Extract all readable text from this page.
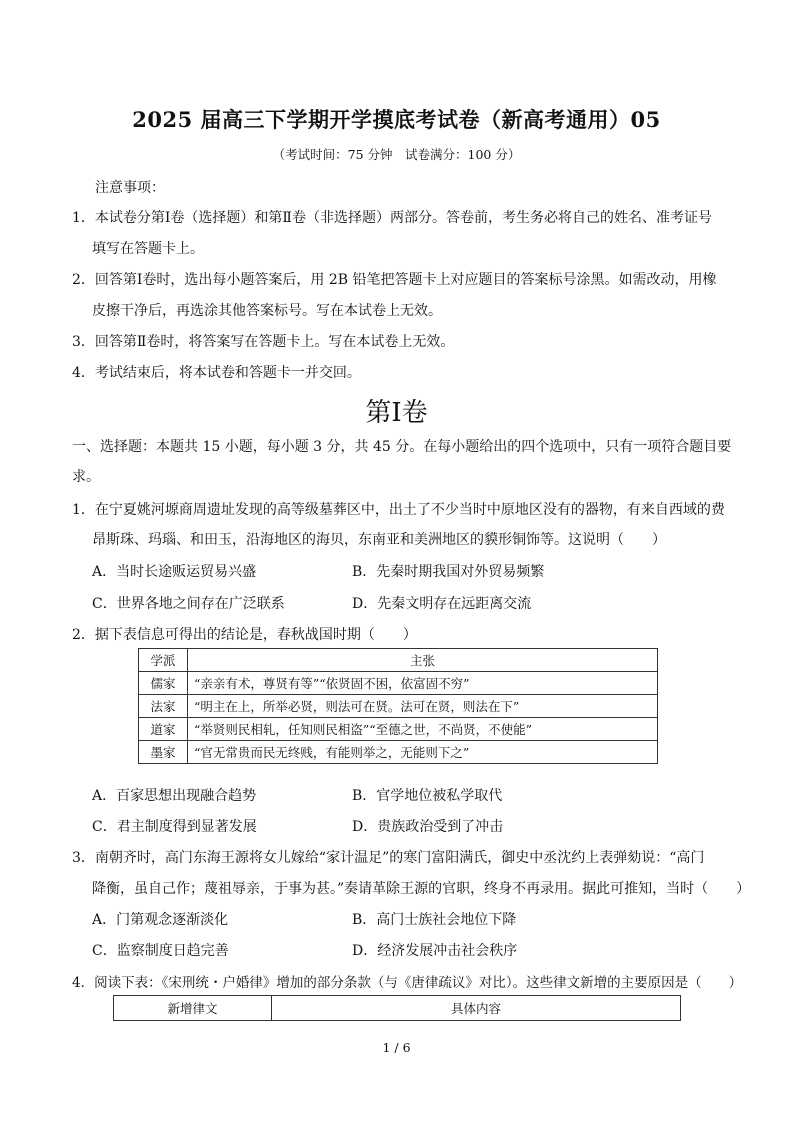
2025 届高三下学期开学摸底考试卷（新高考通用）05
（考试时间：75 分钟　试卷满分：100 分）
注意事项：
1．本试卷分第Ⅰ卷（选择题）和第Ⅱ卷（非选择题）两部分。答卷前，考生务必将自己的姓名、准考证号
填写在答题卡上。
2．回答第Ⅰ卷时，选出每小题答案后，用 2B 铅笔把答题卡上对应题目的答案标号涂黑。如需改动，用橡
皮擦干净后，再选涂其他答案标号。写在本试卷上无效。
3．回答第Ⅱ卷时，将答案写在答题卡上。写在本试卷上无效。
4．考试结束后，将本试卷和答题卡一并交回。
第Ⅰ卷
一、选择题：本题共 15 小题，每小题 3 分，共 45 分。在每小题给出的四个选项中，只有一项符合题目要
求。
1．在宁夏姚河塬商周遗址发现的高等级墓葬区中，出土了不少当时中原地区没有的器物，有来自西域的费
昂斯珠、玛瑙、和田玉，沿海地区的海贝，东南亚和美洲地区的貘形铜饰等。这说明（　　）
A．当时长途贩运贸易兴盛	B．先秦时期我国对外贸易频繁
C．世界各地之间存在广泛联系	D．先秦文明存在远距离交流
2．据下表信息可得出的结论是，春秋战国时期（　　）
学派	主张
儒家	“亲亲有术，尊贤有等”“依贤固不困，依富固不穷”
法家	“明主在上，所举必贤，则法可在贤。法可在贤，则法在下”
道家	“举贤则民相轧，任知则民相盗”“至德之世，不尚贤，不使能”
墨家	“官无常贵而民无终贱，有能则举之，无能则下之”
A．百家思想出现融合趋势	B．官学地位被私学取代
C．君主制度得到显著发展	D．贵族政治受到了冲击
3．南朝齐时，高门东海王源将女儿嫁给“家计温足”的寒门富阳满氏，御史中丞沈约上表弹劾说：“高门
降衡，虽自己作；蔑祖辱亲，于事为甚。”奏请革除王源的官职，终身不再录用。据此可推知，当时（　　）
A．门第观念逐渐淡化	B．高门士族社会地位下降
C．监察制度日趋完善	D．经济发展冲击社会秩序
4．阅读下表：《宋刑统・户婚律》增加的部分条款（与《唐律疏议》对比）。这些律文新增的主要原因是（　　）
新增律文	具体内容
1 / 6
